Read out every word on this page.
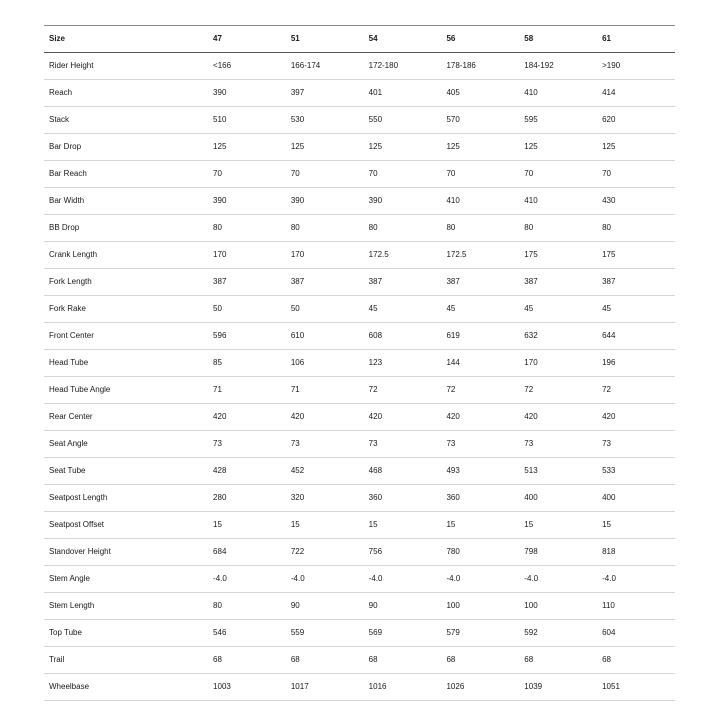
Size	47	51	54	56	58	61
Rider Height	<166	166-174	172-180	178-186	184-192	>190
Reach	390	397	401	405	410	414
Stack	510	530	550	570	595	620
Bar Drop	125	125	125	125	125	125
Bar Reach	70	70	70	70	70	70
Bar Width	390	390	390	410	410	430
BB Drop	80	80	80	80	80	80
Crank Length	170	170	172.5	172.5	175	175
Fork Length	387	387	387	387	387	387
Fork Rake	50	50	45	45	45	45
Front Center	596	610	608	619	632	644
Head Tube	85	106	123	144	170	196
Head Tube Angle	71	71	72	72	72	72
Rear Center	420	420	420	420	420	420
Seat Angle	73	73	73	73	73	73
Seat Tube	428	452	468	493	513	533
Seatpost Length	280	320	360	360	400	400
Seatpost Offset	15	15	15	15	15	15
Standover Height	684	722	756	780	798	818
Stem Angle	-4.0	-4.0	-4.0	-4.0	-4.0	-4.0
Stem Length	80	90	90	100	100	110
Top Tube	546	559	569	579	592	604
Trail	68	68	68	68	68	68
Wheelbase	1003	1017	1016	1026	1039	1051
